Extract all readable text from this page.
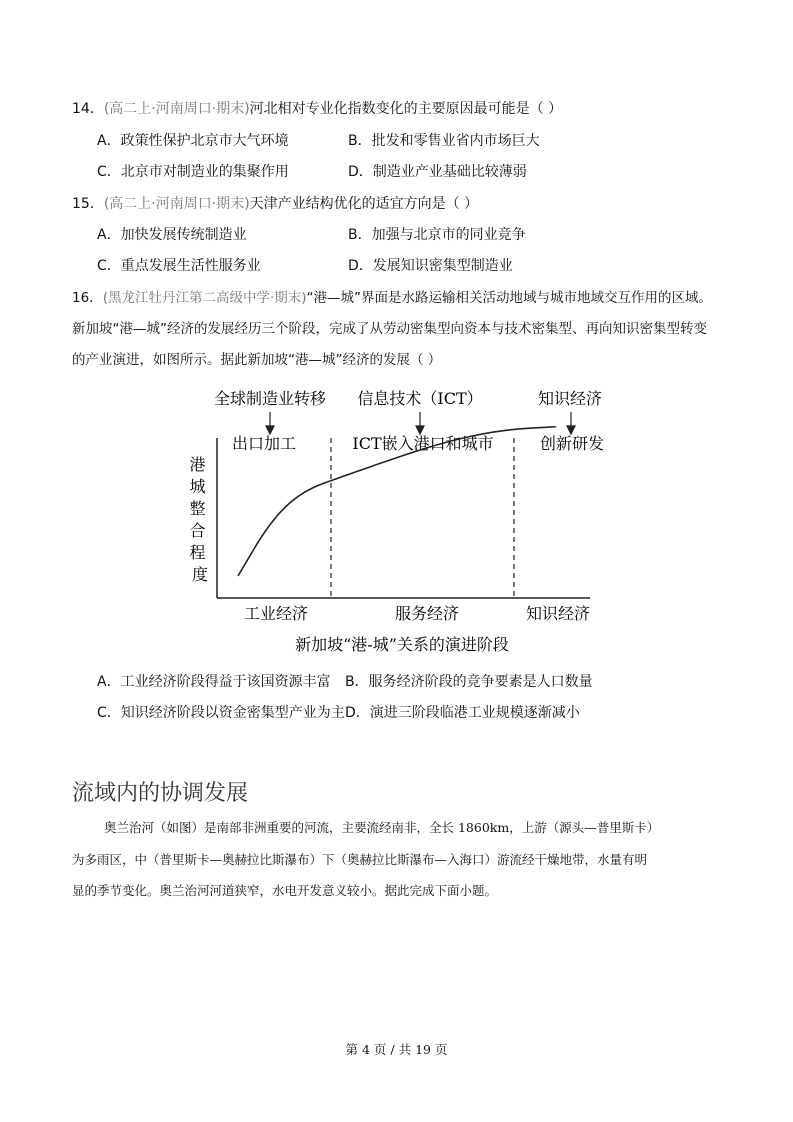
14．(高二上·河南周口·期末)河北相对专业化指数变化的主要原因最可能是（ ）
A．政策性保护北京市大气环境	B．批发和零售业省内市场巨大
C．北京市对制造业的集聚作用	D．制造业产业基础比较薄弱
15．(高二上·河南周口·期末)天津产业结构优化的适宜方向是（ ）
A．加快发展传统制造业	B．加强与北京市的同业竞争
C．重点发展生活性服务业	D．发展知识密集型制造业
16．(黑龙江牡丹江第二高级中学·期末)“港—城”界面是水路运输相关活动地域与城市地域交互作用的区域。
新加坡“港—城”经济的发展经历三个阶段，完成了从劳动密集型向资本与技术密集型、再向知识密集型转变
的产业演进，如图所示。据此新加坡“港—城”经济的发展（ ）
全球制造业转移 信息技术（ICT）	知识经济
出口加工	ICT嵌入港口和城市	创新研发
港 城 整 合 程 度
工业经济	服务经济	知识经济
新加坡“港-城”关系的演进阶段
A．工业经济阶段得益于该国资源丰富 B．服务经济阶段的竞争要素是人口数量
C．知识经济阶段以资金密集型产业为主 D．演进三阶段临港工业规模逐渐减小
流域内的协调发展
奥兰治河（如图）是南部非洲重要的河流，主要流经南非，全长 1860km，上游（源头—普里斯卡）
为多雨区，中（普里斯卡—奥赫拉比斯瀑布）下（奥赫拉比斯瀑布—入海口）游流经干燥地带，水量有明
显的季节变化。奥兰治河河道狭窄，水电开发意义较小。据此完成下面小题。
第 4 页 / 共 19 页
